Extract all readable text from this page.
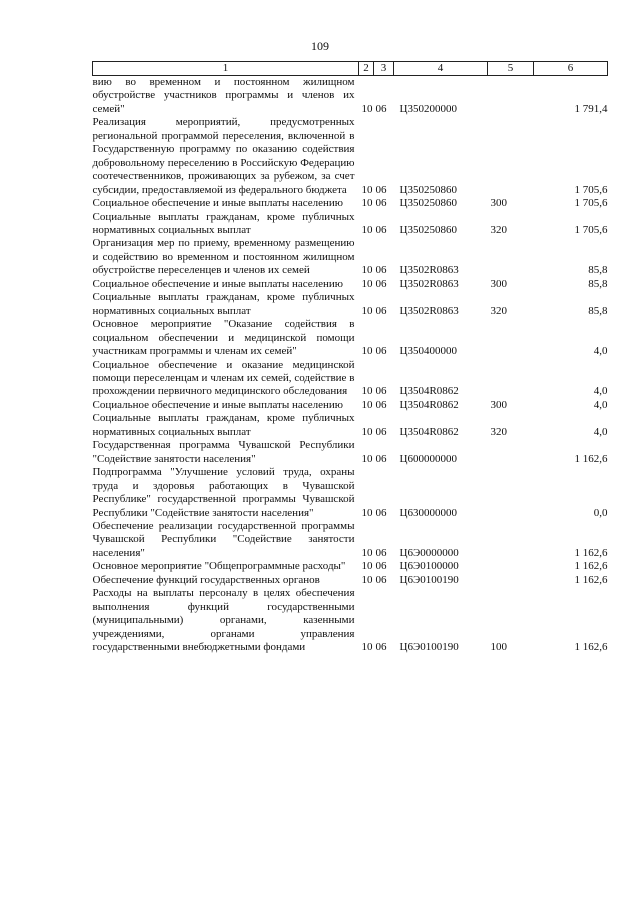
109
1	2	3	4	5	6
вию во временном и постоянном жилищном обустройстве участников программы и членов их семей"	10	06	Ц350200000		1 791,4
Реализация мероприятий, предусмотренных региональной программой переселения, включенной в Государственную программу по оказанию содействия добровольному переселению в Российскую Федерацию соотечественников, проживающих за рубежом, за счет субсидии, предоставляемой из федерального бюджета	10	06	Ц350250860		1 705,6
Социальное обеспечение и иные выплаты населению	10	06	Ц350250860	300	1 705,6
Социальные выплаты гражданам, кроме публичных нормативных социальных выплат	10	06	Ц350250860	320	1 705,6
Организация мер по приему, временному размещению и содействию во временном и постоянном жилищном обустройстве переселенцев и членов их семей	10	06	Ц3502R0863		85,8
Социальное обеспечение и иные выплаты населению	10	06	Ц3502R0863	300	85,8
Социальные выплаты гражданам, кроме публичных нормативных социальных выплат	10	06	Ц3502R0863	320	85,8
Основное мероприятие "Оказание содействия в социальном обеспечении и медицинской помощи участникам программы и членам их семей"	10	06	Ц350400000		4,0
Социальное обеспечение и оказание медицинской помощи переселенцам и членам их семей, содействие в прохождении первичного медицинского обследования	10	06	Ц3504R0862		4,0
Социальное обеспечение и иные выплаты населению	10	06	Ц3504R0862	300	4,0
Социальные выплаты гражданам, кроме публичных нормативных социальных выплат	10	06	Ц3504R0862	320	4,0
Государственная программа Чувашской Республики "Содействие занятости населения"	10	06	Ц600000000		1 162,6
Подпрограмма "Улучшение условий труда, охраны труда и здоровья работающих в Чувашской Республике" государственной программы Чувашской Республики "Содействие занятости населения"	10	06	Ц630000000		0,0
Обеспечение реализации государственной программы Чувашской Республики "Содействие занятости населения"	10	06	Ц6Э0000000		1 162,6
Основное мероприятие "Общепрограммные расходы"	10	06	Ц6Э0100000		1 162,6
Обеспечение функций государственных органов	10	06	Ц6Э0100190		1 162,6
Расходы на выплаты персоналу в целях обеспечения выполнения функций государственными (муниципальными) органами, казенными учреждениями, органами управления государственными внебюджетными фондами	10	06	Ц6Э0100190	100	1 162,6
